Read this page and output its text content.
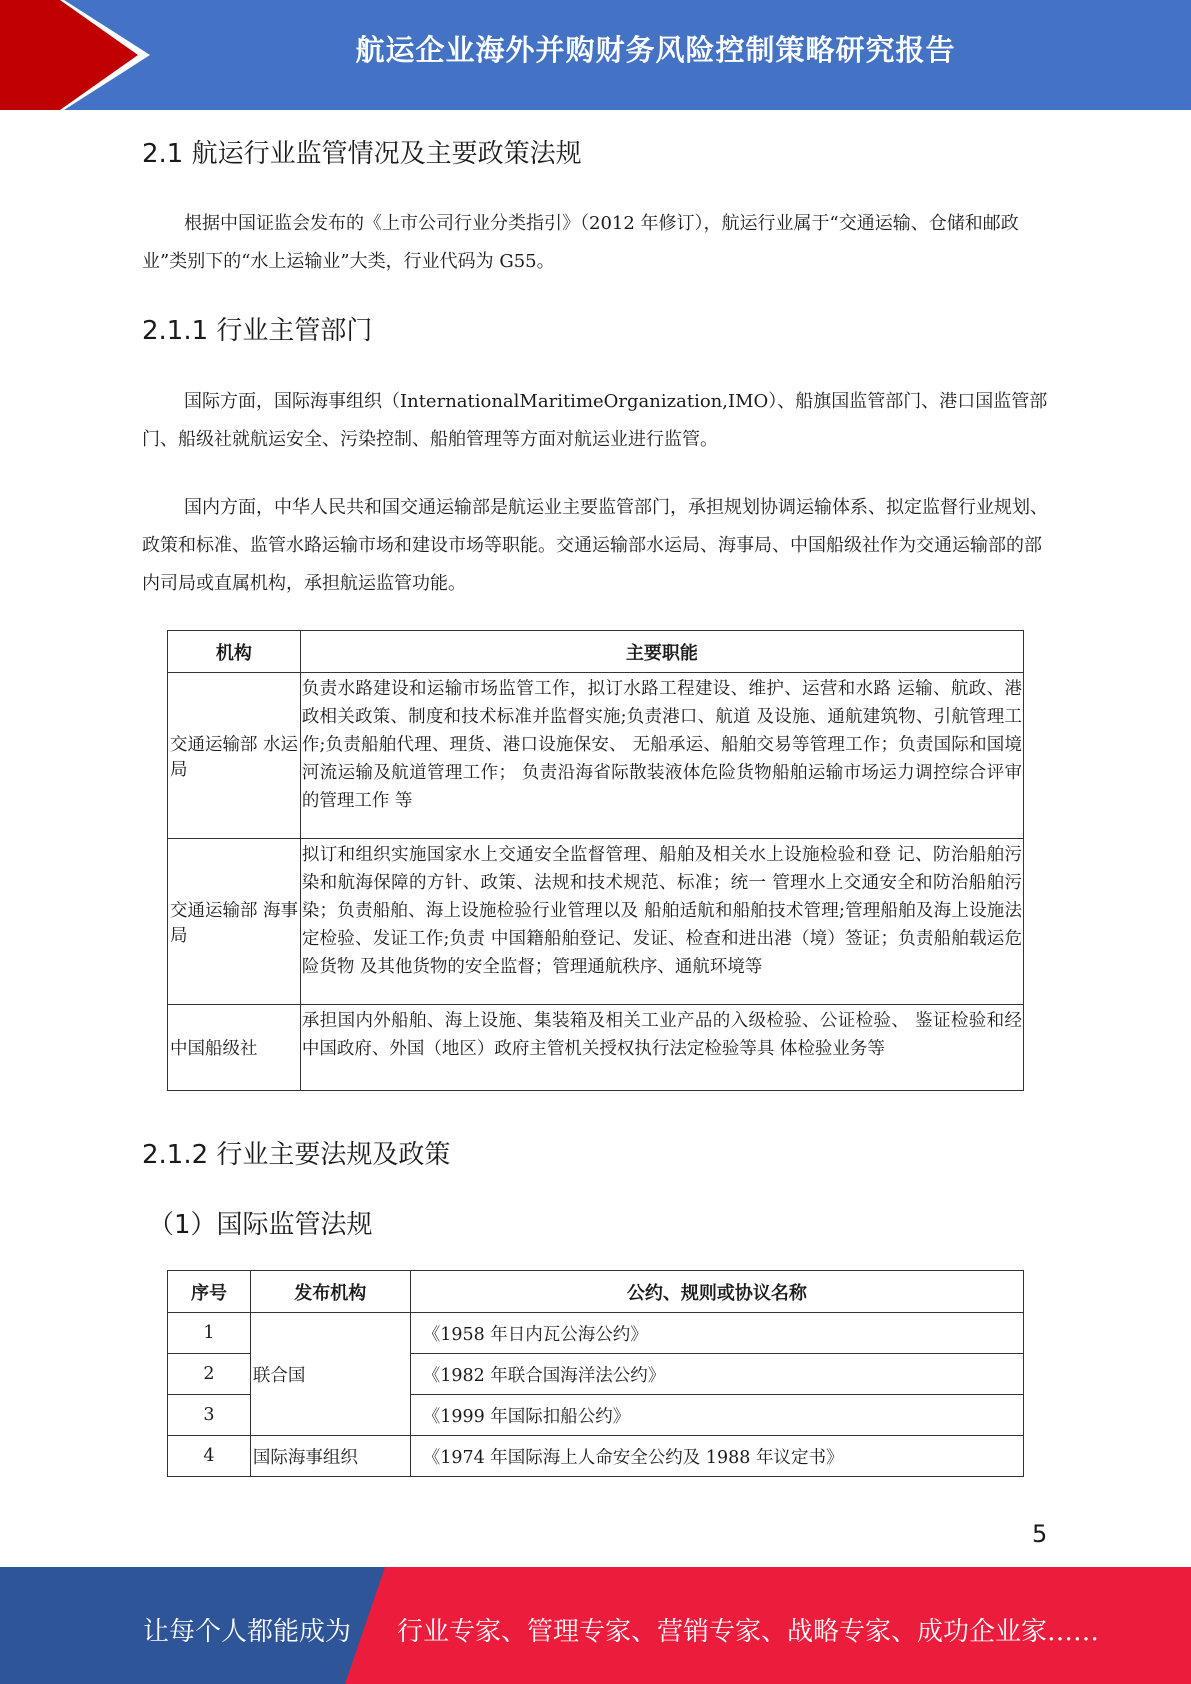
航运企业海外并购财务风险控制策略研究报告
2.1 航运行业监管情况及主要政策法规
根据中国证监会发布的《上市公司行业分类指引》（2012 年修订），航运行业属于“交通运输、仓储和邮政业”类别下的“水上运输业”大类，行业代码为 G55。
2.1.1 行业主管部门
国际方面，国际海事组织（InternationalMaritimeOrganization,IMO）、船旗国监管部门、港口国监管部门、船级社就航运安全、污染控制、船舶管理等方面对航运业进行监管。
国内方面，中华人民共和国交通运输部是航运业主要监管部门，承担规划协调运输体系、拟定监督行业规划、政策和标准、监管水路运输市场和建设市场等职能。交通运输部水运局、海事局、中国船级社作为交通运输部的部内司局或直属机构，承担航运监管功能。
机构	主要职能
交通运输部 水运局	负责水路建设和运输市场监管工作，拟订水路工程建设、维护、运营和水路 运输、航政、港政相关政策、制度和技术标准并监督实施;负责港口、航道 及设施、通航建筑物、引航管理工作;负责船舶代理、理货、港口设施保安、 无船承运、船舶交易等管理工作；负责国际和国境河流运输及航道管理工作； 负责沿海省际散装液体危险货物船舶运输市场运力调控综合评审的管理工作 等
交通运输部 海事局	拟订和组织实施国家水上交通安全监督管理、船舶及相关水上设施检验和登 记、防治船舶污染和航海保障的方针、政策、法规和技术规范、标准；统一 管理水上交通安全和防治船舶污染；负责船舶、海上设施检验行业管理以及 船舶适航和船舶技术管理;管理船舶及海上设施法定检验、发证工作;负责 中国籍船舶登记、发证、检查和进出港（境）签证；负责船舶载运危险货物 及其他货物的安全监督；管理通航秩序、通航环境等
中国船级社	承担国内外船舶、海上设施、集装箱及相关工业产品的入级检验、公证检验、 鉴证检验和经中国政府、外国（地区）政府主管机关授权执行法定检验等具 体检验业务等
2.1.2 行业主要法规及政策
（1）国际监管法规
序号	发布机构	公约、规则或协议名称
1	联合国	《1958 年日内瓦公海公约》
2		《1982 年联合国海洋法公约》
3		《1999 年国际扣船公约》
4	国际海事组织	《1974 年国际海上人命安全公约及 1988 年议定书》
5
让每个人都能成为 行业专家、管理专家、营销专家、战略专家、成功企业家……
